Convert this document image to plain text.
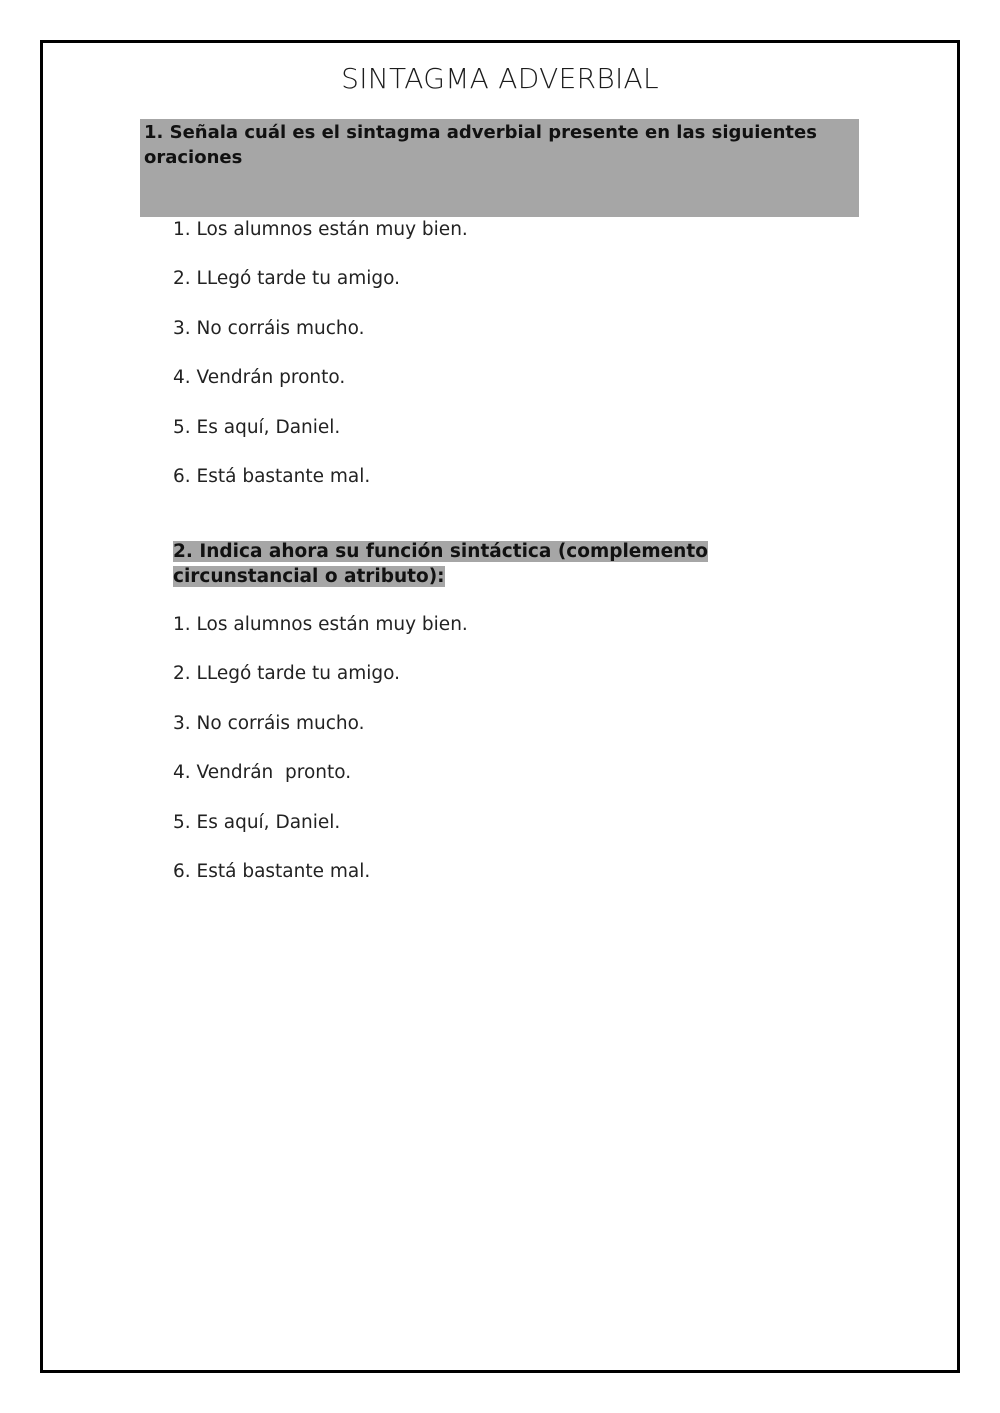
SINTAGMA ADVERBIAL
1. Señala cuál es el sintagma adverbial presente en las siguientes oraciones
1. Los alumnos están muy bien.
2. LLegó tarde tu amigo.
3. No corráis mucho.
4. Vendrán pronto.
5. Es aquí, Daniel.
6. Está bastante mal.
2. Indica ahora su función sintáctica (complemento circunstancial o atributo):
1. Los alumnos están muy bien.
2. LLegó tarde tu amigo.
3. No corráis mucho.
4. Vendrán  pronto.
5. Es aquí, Daniel.
6. Está bastante mal.
